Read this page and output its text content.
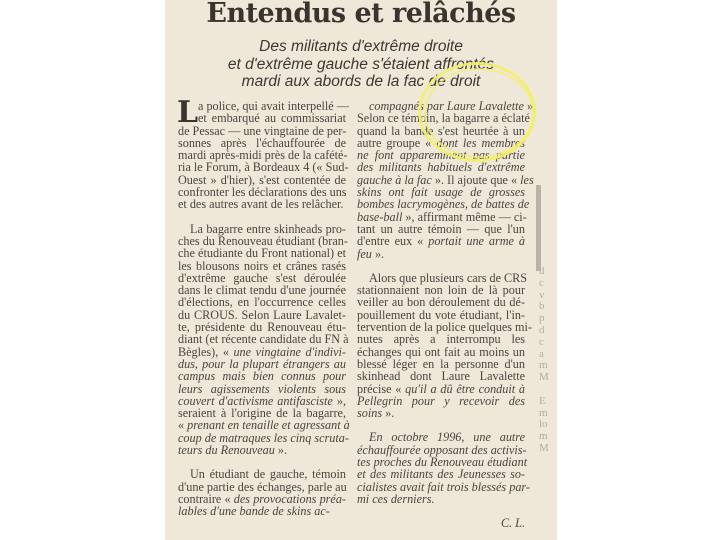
Entendus et relâchés
Des militants d'extrême droite
et d'extrême gauche s'étaient affrontés
mardi aux abords de la fac de droit
L a police, qui avait interpellé —
et embarqué au commissariat
de Pessac — une vingtaine de per-
sonnes après l'échauffourée de
mardi après-midi près de la cafété-
ria le Forum, à Bordeaux 4 (« Sud-
Ouest » d'hier), s'est contentée de
confronter les déclarations des uns
et des autres avant de les relâcher.
La bagarre entre skinheads pro-
ches du Renouveau étudiant (bran-
che étudiante du Front national) et
les blousons noirs et crânes rasés
d'extrême gauche s'est déroulée
dans le climat tendu d'une journée
d'élections, en l'occurrence celles
du CROUS. Selon Laure Lavalet-
te, présidente du Renouveau étu-
diant (et récente candidate du FN à
Bègles), « une vingtaine d'indivi-
dus, pour la plupart étrangers au
campus mais bien connus pour
leurs agissements violents sous
couvert d'activisme antifasciste »,
seraient à l'origine de la bagarre,
« prenant en tenaille et agressant à
coup de matraques les cinq scruta-
teurs du Renouveau ».
Un étudiant de gauche, témoin
d'une partie des échanges, parle au
contraire « des provocations préa-
lables d'une bande de skins ac-
compagnés par Laure Lavalette ».
Selon ce témoin, la bagarre a éclaté
quand la bande s'est heurtée à un
autre groupe « dont les membres
ne font apparemment pas partie
des militants habituels d'extrême
gauche à la fac ». Il ajoute que « les
skins ont fait usage de grosses
bombes lacrymogènes, de battes de
base-ball », affirmant même — ci-
tant un autre témoin — que l'un
d'entre eux « portait une arme à
feu ».
Alors que plusieurs cars de CRS
stationnaient non loin de là pour
veiller au bon déroulement du dé-
pouillement du vote étudiant, l'in-
tervention de la police quelques mi-
nutes après a interrompu les
échanges qui ont fait au moins un
blessé léger en la personne d'un
skinhead dont Laure Lavalette
précise « qu'il a dû être conduit à
Pellegrin pour y recevoir des
soins ».
En octobre 1996, une autre
échauffourée opposant des activis-
tes proches du Renouveau étudiant
et des militants des Jeunesses so-
cialistes avait fait trois blessés par-
mi ces derniers.
C. L.
d
c
v
b
p
d
c
a
m
M

E
m
lo
m
M
